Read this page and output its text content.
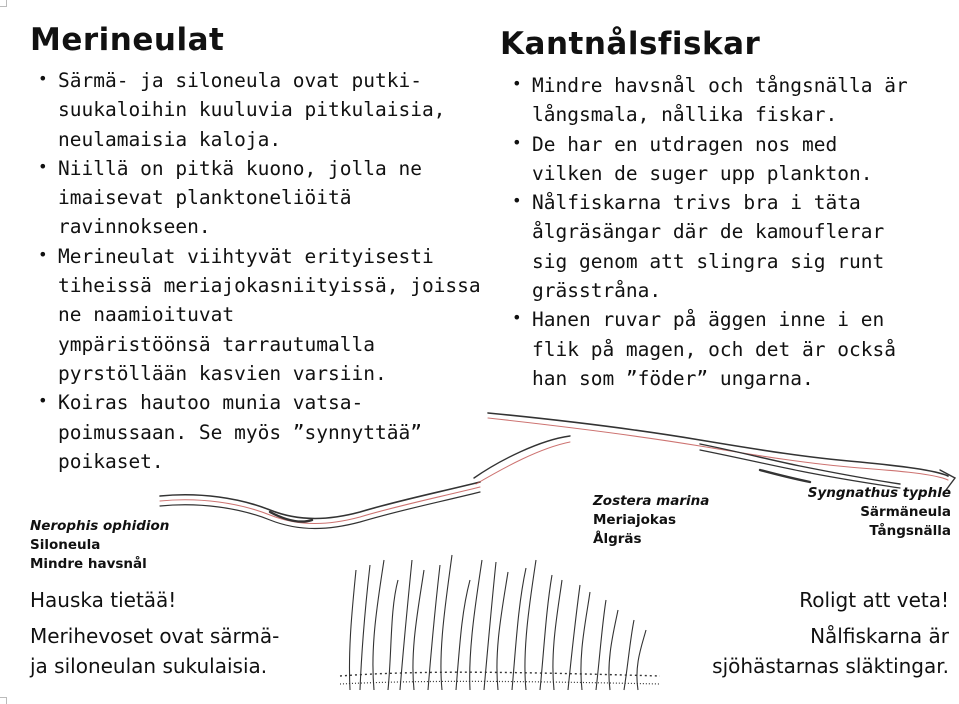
Merineulat
• Särmä- ja siloneula ovat putki-
suukaloihin kuuluvia pitkulaisia,
neulamaisia kaloja.
• Niillä on pitkä kuono, jolla ne
imaisevat planktoneliöitä
ravinnokseen.
• Merineulat viihtyvät erityisesti
tiheissä meriajokasniityissä, joissa
ne naamioituvat
ympäristöönsä tarrautumalla
pyrstöllään kasvien varsiin.
• Koiras hautoo munia vatsa-
poimussaan. Se myös ”synnyttää”
poikaset.
Kantnålsfiskar
• Mindre havsnål och tångsnälla är
långsmala, nållika fiskar.
• De har en utdragen nos med
vilken de suger upp plankton.
• Nålfiskarna trivs bra i täta
ålgräsängar där de kamouflerar
sig genom att slingra sig runt
grässtråna.
• Hanen ruvar på äggen inne i en
flik på magen, och det är också
han som ”föder” ungarna.
Nerophis ophidion
Siloneula
Mindre havsnål
Zostera marina
Meriajokas
Ålgräs
Syngnathus typhle
Särmäneula
Tångsnälla
Hauska tietää!
Merihevoset ovat särmä-
ja siloneulan sukulaisia.
Roligt att veta!
Nålfiskarna är
sjöhästarnas släktingar.
